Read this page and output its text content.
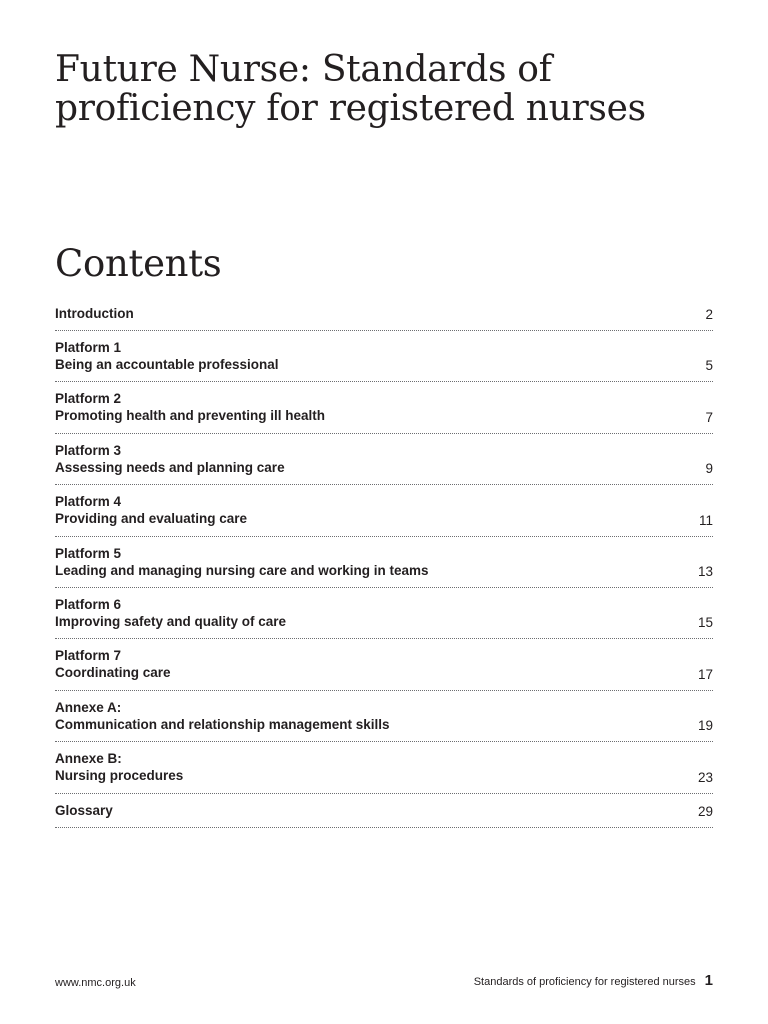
Future Nurse: Standards of proficiency for registered nurses
Contents
Introduction	2
Platform 1
Being an accountable professional	5
Platform 2
Promoting health and preventing ill health	7
Platform 3
Assessing needs and planning care	9
Platform 4
Providing and evaluating care	11
Platform 5
Leading and managing nursing care and working in teams	13
Platform 6
Improving safety and quality of care	15
Platform 7
Coordinating care	17
Annexe A:
Communication and relationship management skills	19
Annexe B:
Nursing procedures	23
Glossary	29
www.nmc.org.uk	Standards of proficiency for registered nurses 1
